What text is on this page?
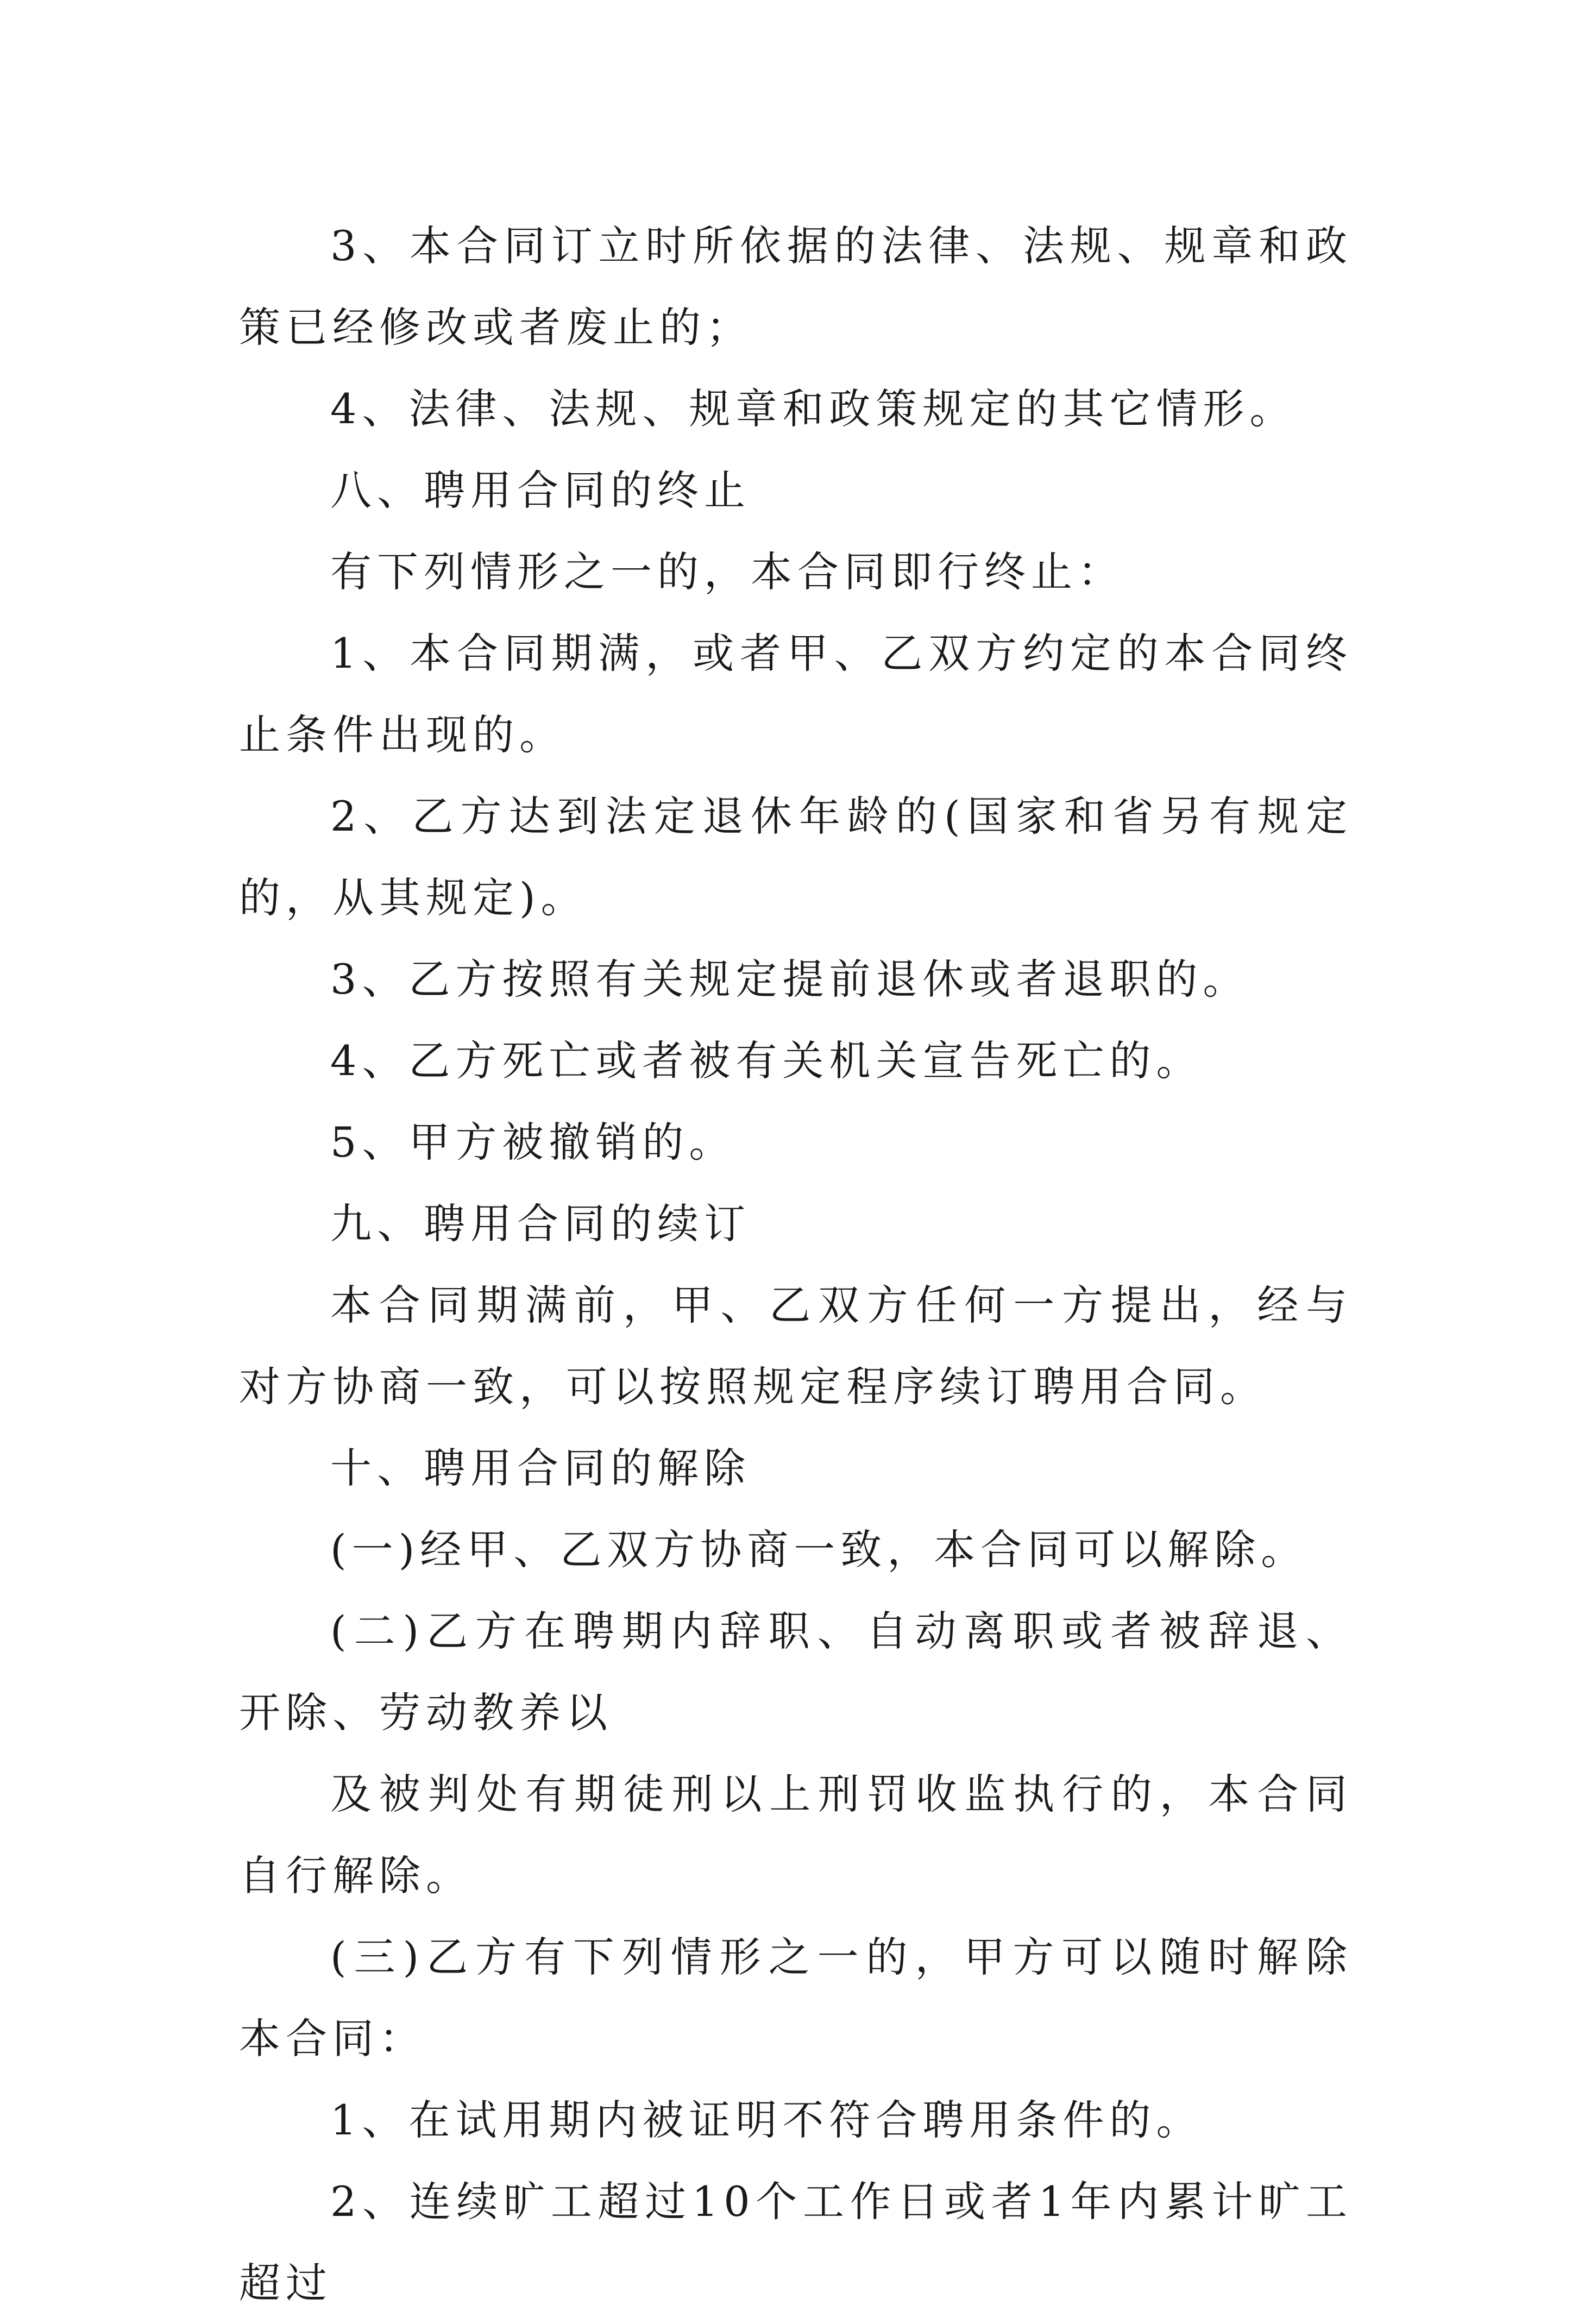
3、本合同订立时所依据的法律、法规、规章和政策已经修改或者废止的；

4、法律、法规、规章和政策规定的其它情形。

八、聘用合同的终止

有下列情形之一的，本合同即行终止：

1、本合同期满，或者甲、乙双方约定的本合同终止条件出现的。

2、乙方达到法定退休年龄的(国家和省另有规定的，从其规定)。

3、乙方按照有关规定提前退休或者退职的。

4、乙方死亡或者被有关机关宣告死亡的。

5、甲方被撤销的。

九、聘用合同的续订

本合同期满前，甲、乙双方任何一方提出，经与对方协商一致，可以按照规定程序续订聘用合同。

十、聘用合同的解除

(一)经甲、乙双方协商一致，本合同可以解除。

(二)乙方在聘期内辞职、自动离职或者被辞退、开除、劳动教养以

及被判处有期徒刑以上刑罚收监执行的，本合同自行解除。

(三)乙方有下列情形之一的，甲方可以随时解除本合同：

1、在试用期内被证明不符合聘用条件的。

2、连续旷工超过10个工作日或者1年内累计旷工超过
